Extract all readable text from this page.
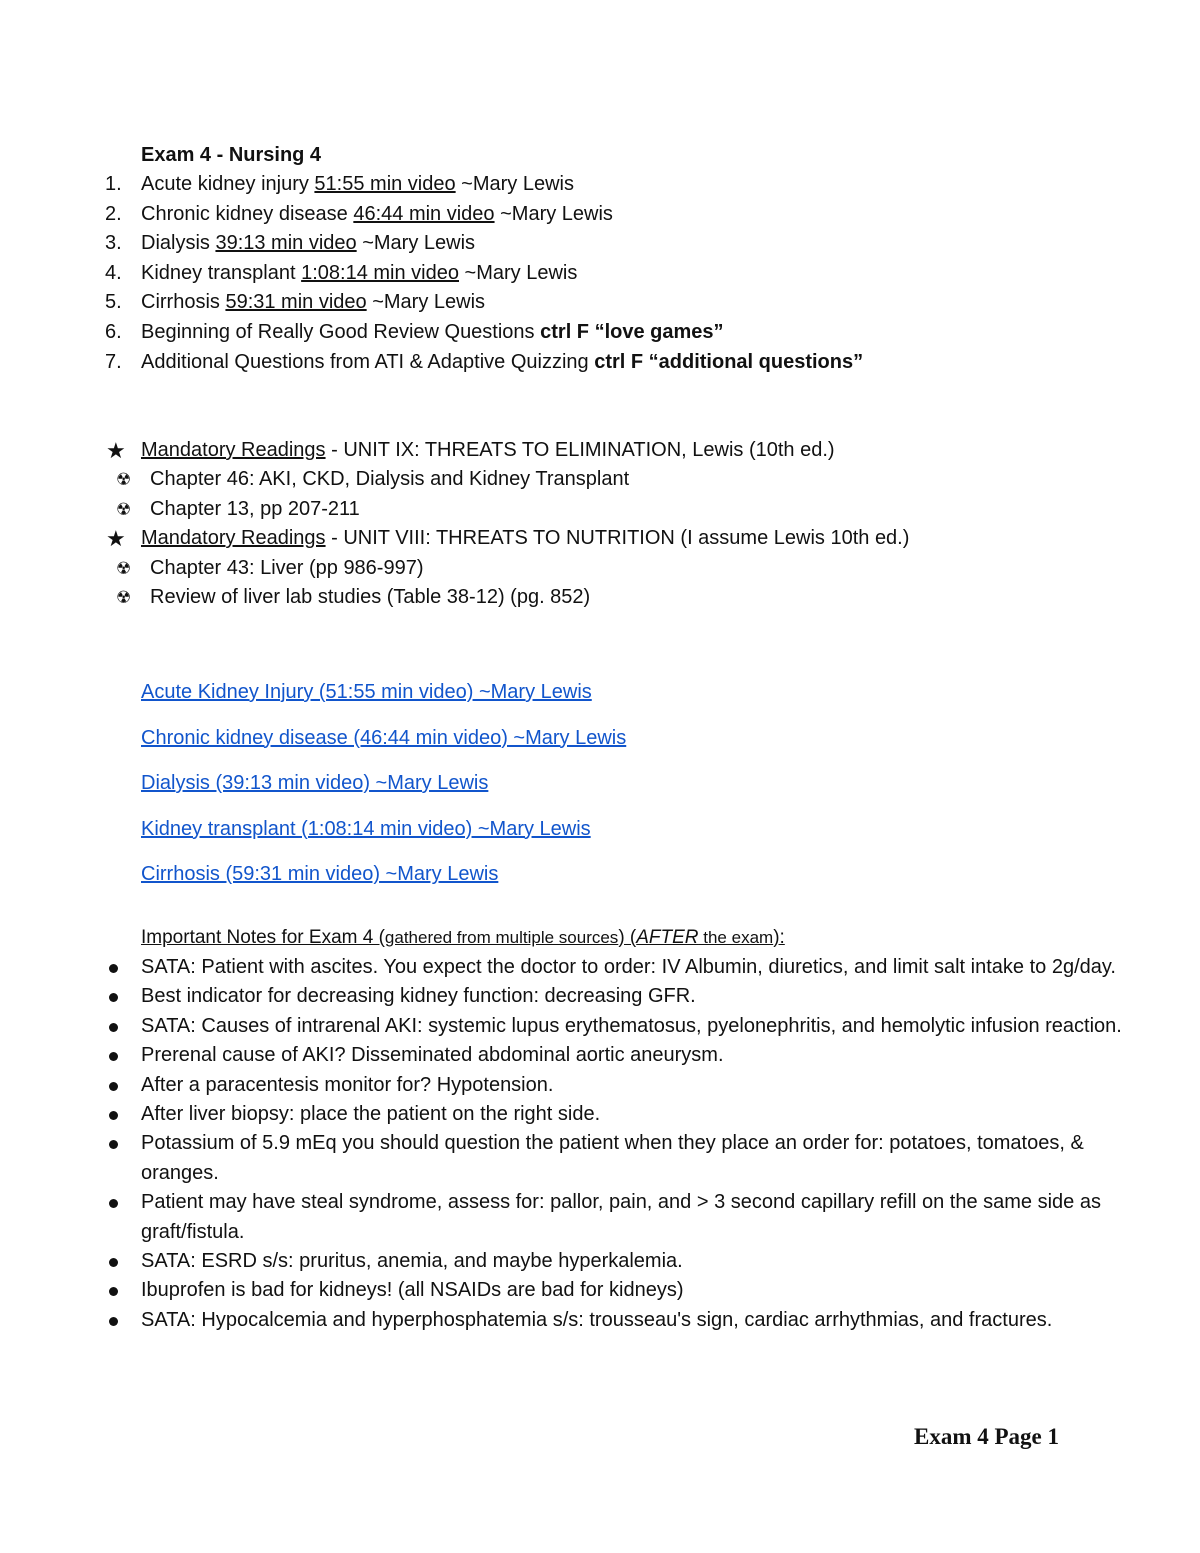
Exam 4 - Nursing 4
1. Acute kidney injury 51:55 min video ~Mary Lewis
2. Chronic kidney disease 46:44 min video ~Mary Lewis
3. Dialysis 39:13 min video ~Mary Lewis
4. Kidney transplant 1:08:14 min video ~Mary Lewis
5. Cirrhosis 59:31 min video ~Mary Lewis
6. Beginning of Really Good Review Questions ctrl F “love games”
7. Additional Questions from ATI & Adaptive Quizzing ctrl F “additional questions”
★ Mandatory Readings - UNIT IX: THREATS TO ELIMINATION, Lewis (10th ed.)
☢ Chapter 46: AKI, CKD, Dialysis and Kidney Transplant
☢ Chapter 13, pp 207-211
★ Mandatory Readings - UNIT VIII: THREATS TO NUTRITION (I assume Lewis 10th ed.)
☢ Chapter 43: Liver (pp 986-997)
☢ Review of liver lab studies (Table 38-12) (pg. 852)
Acute Kidney Injury (51:55 min video) ~Mary Lewis
Chronic kidney disease (46:44 min video) ~Mary Lewis
Dialysis (39:13 min video) ~Mary Lewis
Kidney transplant (1:08:14 min video) ~Mary Lewis
Cirrhosis (59:31 min video) ~Mary Lewis
Important Notes for Exam 4 (gathered from multiple sources) (AFTER the exam):
SATA: Patient with ascites. You expect the doctor to order: IV Albumin, diuretics, and limit salt intake to 2g/day.
Best indicator for decreasing kidney function: decreasing GFR.
SATA: Causes of intrarenal AKI: systemic lupus erythematosus, pyelonephritis, and hemolytic infusion reaction.
Prerenal cause of AKI? Disseminated abdominal aortic aneurysm.
After a paracentesis monitor for? Hypotension.
After liver biopsy: place the patient on the right side.
Potassium of 5.9 mEq you should question the patient when they place an order for: potatoes, tomatoes, & oranges.
Patient may have steal syndrome, assess for: pallor, pain, and > 3 second capillary refill on the same side as graft/fistula.
SATA: ESRD s/s: pruritus, anemia, and maybe hyperkalemia.
Ibuprofen is bad for kidneys! (all NSAIDs are bad for kidneys)
SATA: Hypocalcemia and hyperphosphatemia s/s: trousseau's sign, cardiac arrhythmias, and fractures.
Exam 4 Page 1
